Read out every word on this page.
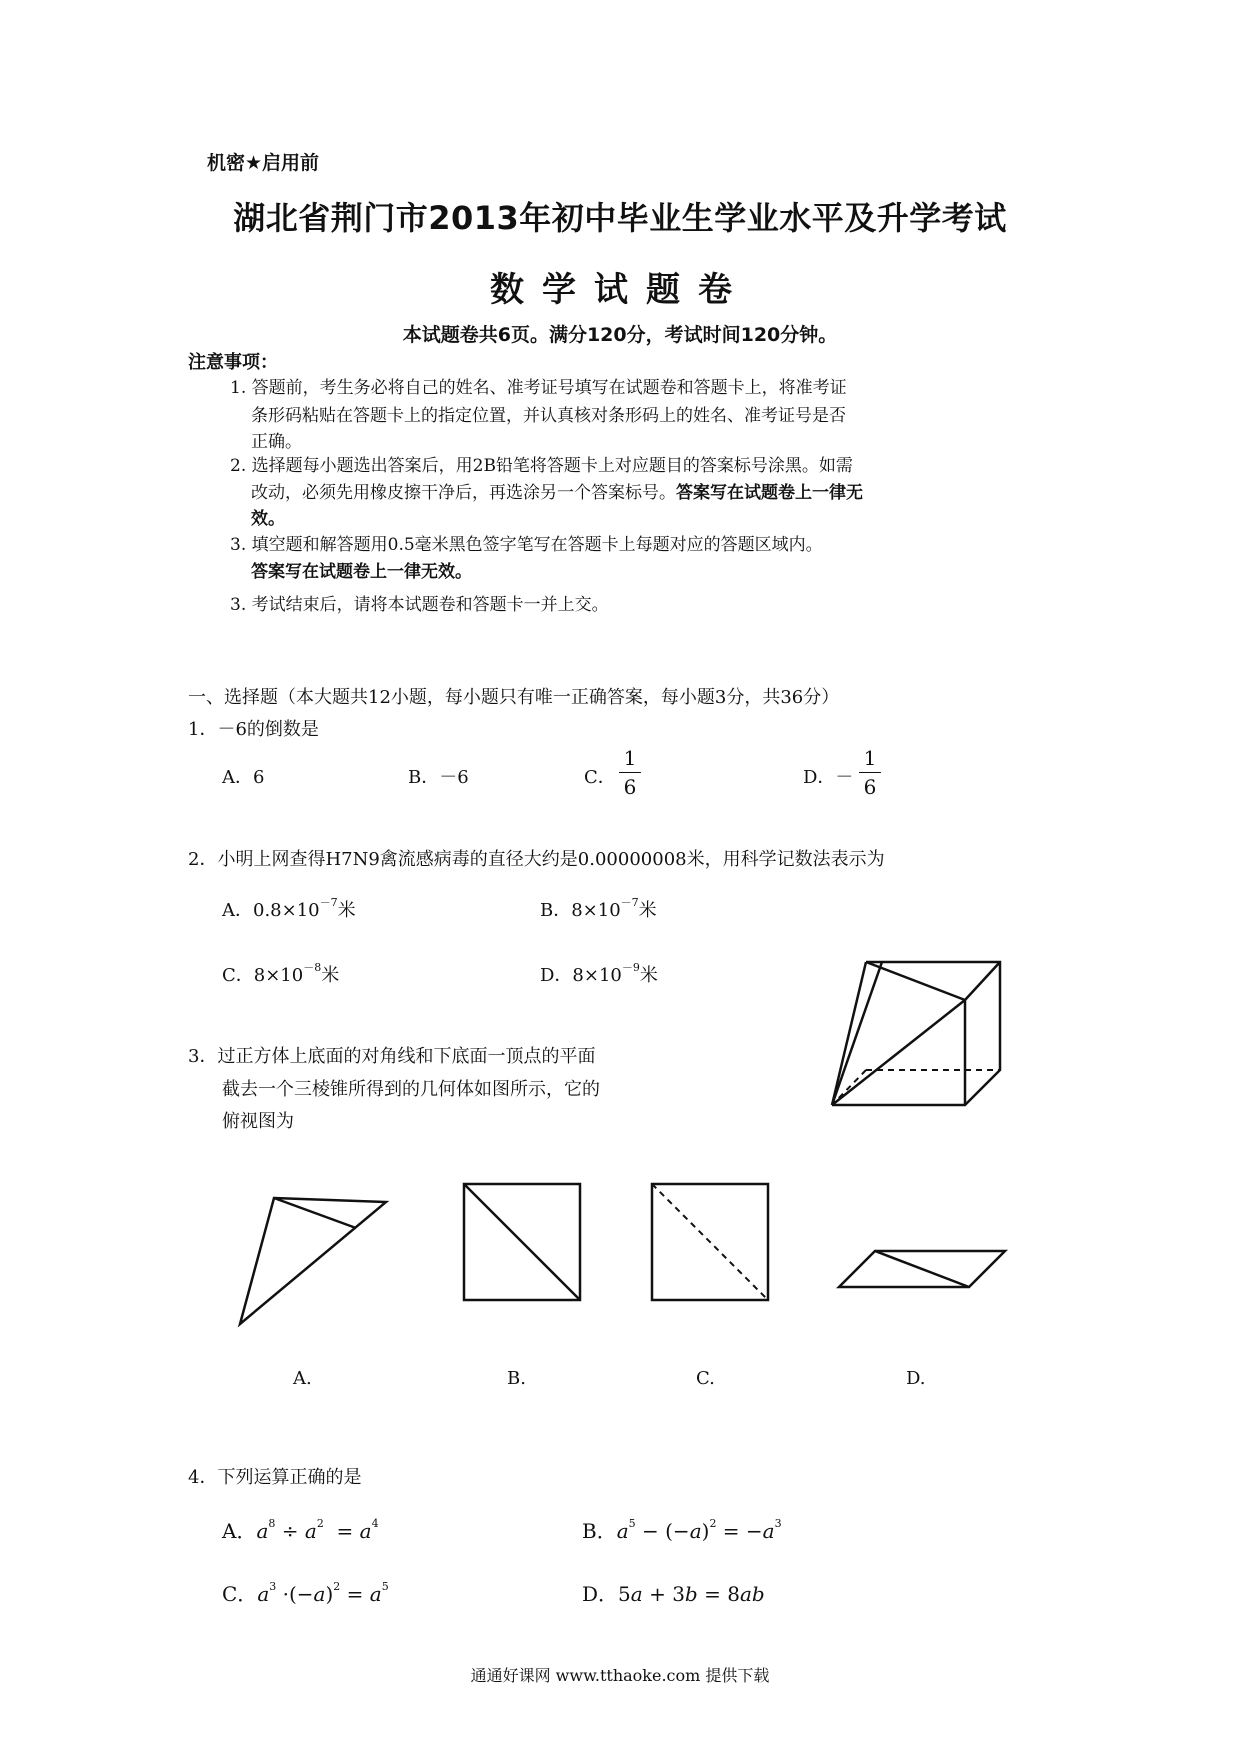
机密★启用前
湖北省荆门市2013年初中毕业生学业水平及升学考试
数学试题卷
本试题卷共6页。满分120分，考试时间120分钟。
注意事项：
1. 答题前，考生务必将自己的姓名、准考证号填写在试题卷和答题卡上，将准考证
条形码粘贴在答题卡上的指定位置，并认真核对条形码上的姓名、准考证号是否
正确。
2. 选择题每小题选出答案后，用2B铅笔将答题卡上对应题目的答案标号涂黑。如需
改动，必须先用橡皮擦干净后，再选涂另一个答案标号。答案写在试题卷上一律无
效。
3. 填空题和解答题用0.5毫米黑色签字笔写在答题卡上每题对应的答题区域内。
答案写在试题卷上一律无效。
3. 考试结束后，请将本试题卷和答题卡一并上交。
一、选择题（本大题共12小题，每小题只有唯一正确答案，每小题3分，共36分）
1．－6的倒数是
A．6	B．－6	C．
1
6	D．－
1
6
2．小明上网查得H7N9禽流感病毒的直径大约是0.00000008米，用科学记数法表示为
A．$0.8\times 10^{-7}$米	B．$8\times 10^{-7}$米
C．$8\times 10^{-8}$米	D．$8\times 10^{-9}$米
3．过正方体上底面的对角线和下底面一顶点的平面
截去一个三棱锥所得到的几何体如图所示，它的
俯视图为
A.	B.	C.	D.
4．下列运算正确的是
A．$a^8 \div a^2 = a^4$	B．$a^5 - (-a)^2 = -a^3$
C．$a^3 \cdot(-a)^2 = a^5$	D．5a + 3b = 8ab
通通好课网 www.tthaoke.com 提供下载
